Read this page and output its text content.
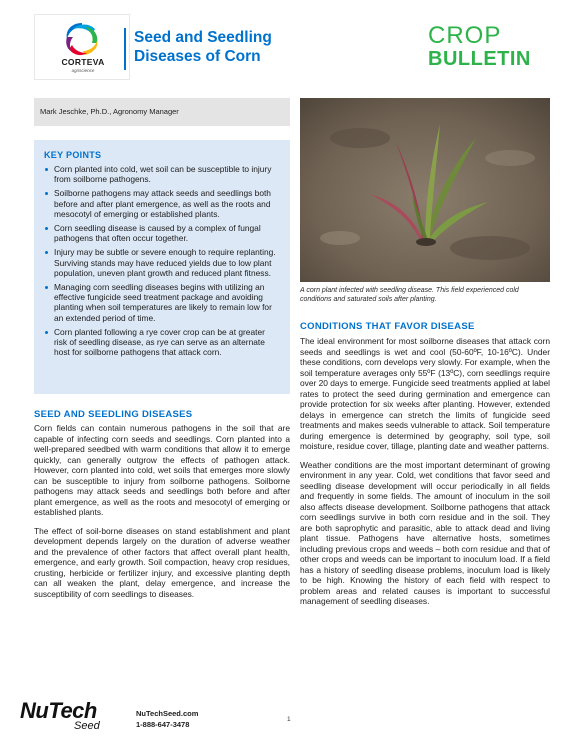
CORTEVA
agriscience
Seed and Seedling
Diseases of Corn
CROP
BULLETIN
Mark Jeschke, Ph.D., Agronomy Manager
A corn plant infected with seedling disease. This field experienced cold conditions and saturated soils after planting.
KEY POINTS
Corn planted into cold, wet soil can be susceptible to injury from soilborne pathogens.
Soilborne pathogens may attack seeds and seedlings both before and after plant emergence, as well as the roots and mesocotyl of emerging or established plants.
Corn seedling disease is caused by a complex of fungal pathogens that often occur together.
Injury may be subtle or severe enough to require replanting. Surviving stands may have reduced yields due to low plant population, uneven plant growth and reduced plant fitness.
Managing corn seedling diseases begins with utilizing an effective fungicide seed treatment package and avoiding planting when soil temperatures are likely to remain low for an extended period of time.
Corn planted following a rye cover crop can be at greater risk of seedling disease, as rye can serve as an alternate host for soilborne pathogens that attack corn.
SEED AND SEEDLING DISEASES

Corn fields can contain numerous pathogens in the soil that are capable of infecting corn seeds and seedlings. Corn planted into a well-prepared seedbed with warm conditions that allow it to emerge quickly, can generally outgrow the effects of pathogen attack. However, corn planted into cold, wet soils that emerges more slowly can be susceptible to injury from soilborne pathogens. Soilborne pathogens may attack seeds and seedlings both before and after plant emergence, as well as the roots and mesocotyl of emerging or established plants.

The effect of soil-borne diseases on stand establishment and plant development depends largely on the duration of adverse weather and the prevalence of other factors that affect overall plant health, emergence, and early growth. Soil compaction, heavy crop residues, crusting, herbicide or fertilizer injury, and excessive planting depth can all weaken the plant, delay emergence, and increase the susceptibility of corn seedlings to diseases.

CONDITIONS THAT FAVOR DISEASE

The ideal environment for most soilborne diseases that attack corn seeds and seedlings is wet and cool (50-60ºF, 10-16ºC). Under these conditions, corn develops very slowly. For example, when the soil temperature averages only 55ºF (13ºC), corn seedlings require over 20 days to emerge. Fungicide seed treatments applied at label rates to protect the seed during germination and emergence can provide protection for six weeks after planting. However, extended delays in emergence can stretch the limits of fungicide seed treatments and makes seeds vulnerable to attack. Soil temperature during emergence is determined by geography, soil type, soil moisture, residue cover, tillage, planting date and weather patterns.

Weather conditions are the most important determinant of growing environment in any year. Cold, wet conditions that favor seed and seedling disease development will occur periodically in all fields and frequently in some fields. The amount of inoculum in the soil also affects disease development. Soilborne pathogens that attack corn seedlings survive in both corn residue and in the soil. They are both saprophytic and parasitic, able to attack dead and living plant tissue. Pathogens have alternative hosts, sometimes including previous crops and weeds – both corn residue and that of other crops and weeds can be important to inoculum load. If a field has a history of seedling disease problems, inoculum load is likely to be high. Knowing the history of each field with respect to problem areas and related causes is important to successful management of seedling diseases.

NuTech
Seed
NuTechSeed.com
1-888-647-3478
1
